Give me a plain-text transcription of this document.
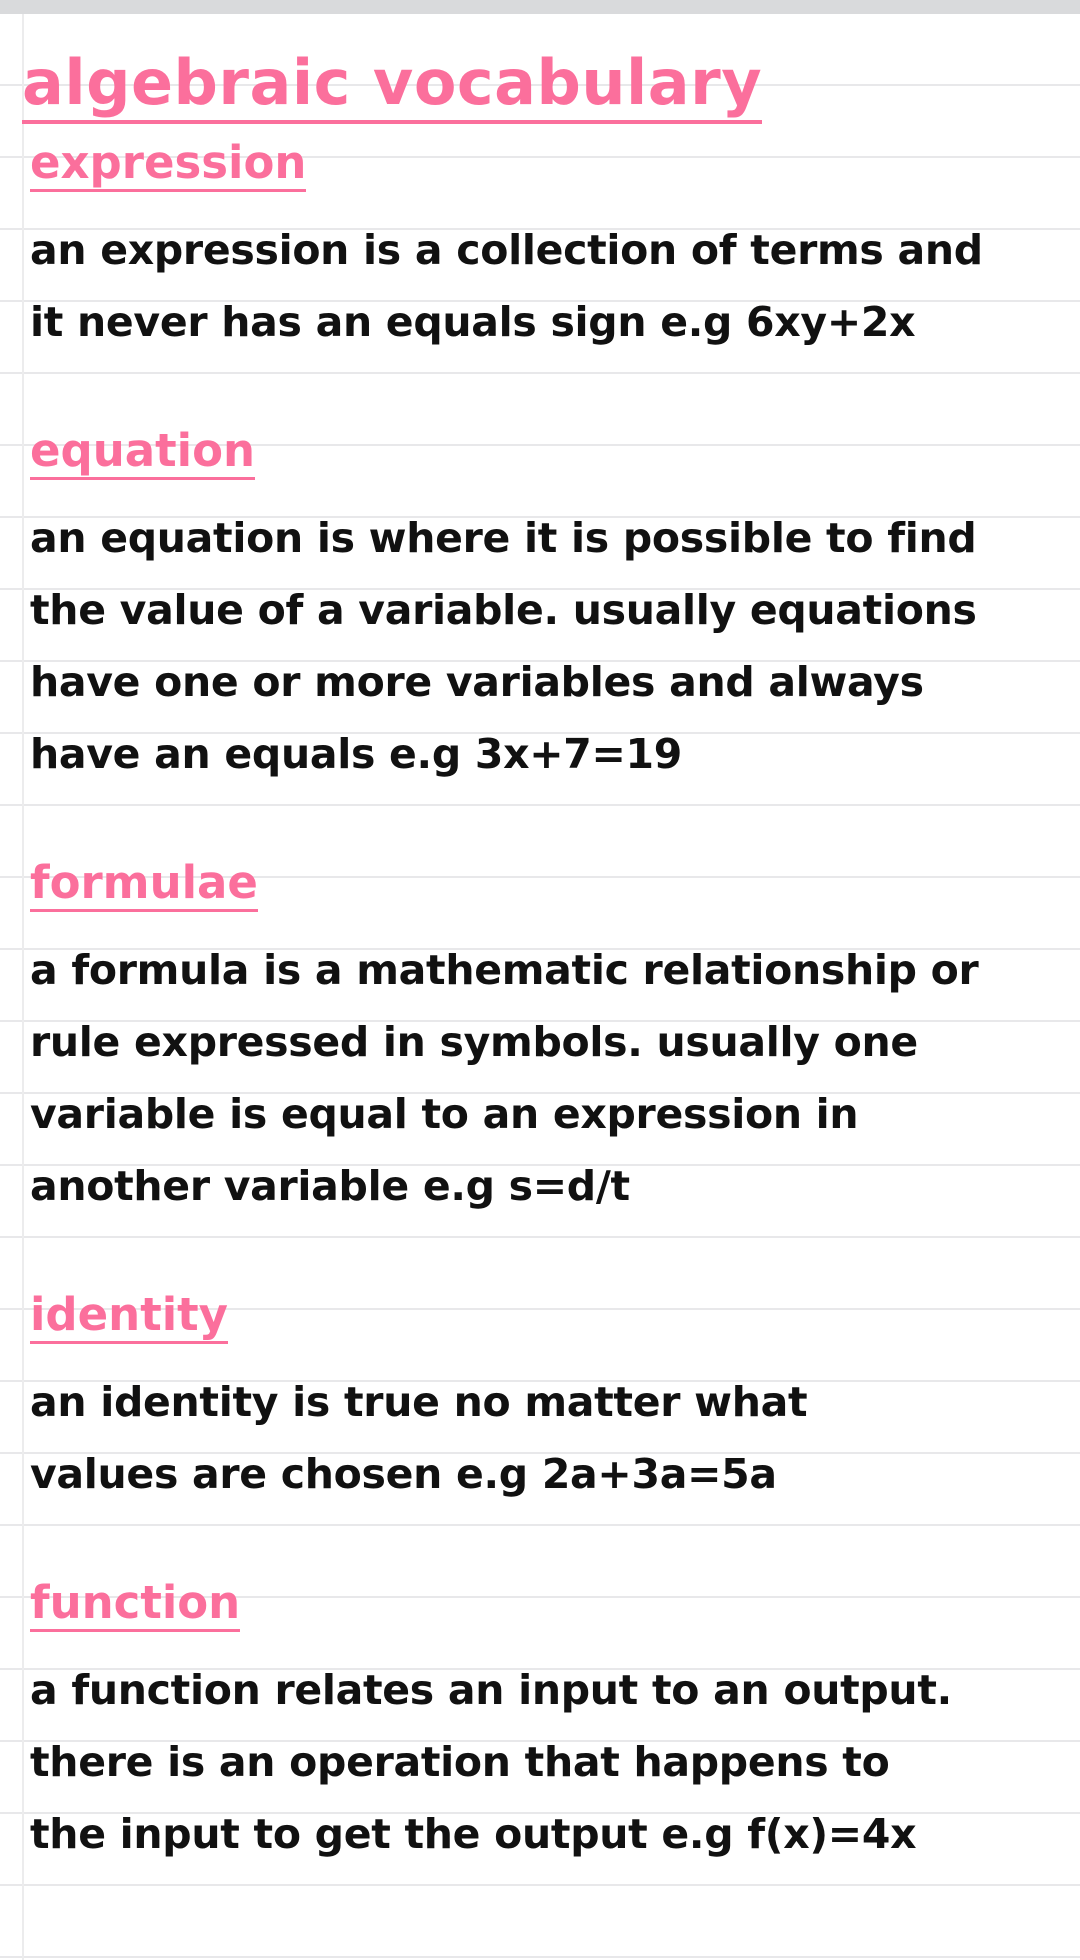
algebraic vocabulary
expression
an expression is a collection of terms and
it never has an equals sign e.g 6xy+2x
equation
an equation is where it is possible to find
the value of a variable. usually equations
have one or more variables and always
have an equals e.g 3x+7=19
formulae
a formula is a mathematic relationship or
rule expressed in symbols. usually one
variable is equal to an expression in
another variable e.g s=d/t
identity
an identity is true no matter what
values are chosen e.g 2a+3a=5a
function
a function relates an input to an output.
there is an operation that happens to
the input to get the output e.g f(x)=4x
